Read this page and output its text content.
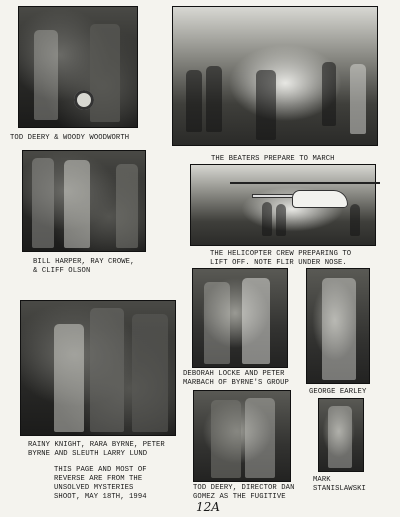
TOD DEERY & WOODY WOODWORTH
THE BEATERS PREPARE TO MARCH
BILL HARPER, RAY CROWE,
& CLIFF OLSON
THE HELICOPTER CREW PREPARING TO
LIFT OFF. NOTE FLIR UNDER NOSE.
RAINY KNIGHT, RARA BYRNE, PETER
BYRNE AND SLEUTH LARRY LUND
THIS PAGE AND MOST OF
REVERSE ARE FROM THE
UNSOLVED MYSTERIES
SHOOT, MAY 18TH, 1994
DEBORAH LOCKE AND PETER
MARBACH OF BYRNE'S GROUP
GEORGE EARLEY
TOD DEERY, DIRECTOR DAN
GOMEZ AS THE FUGITIVE
MARK
STANISLAWSKI
12A
